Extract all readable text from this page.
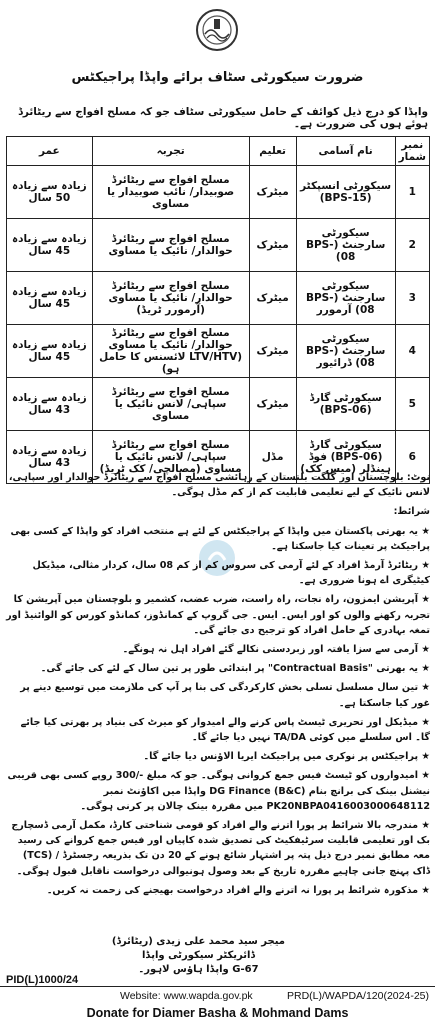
ضرورت سیکورٹی سٹاف برائے واپڈا پراجیکٹس
واپڈا کو درج ذیل کوائف کے حامل سیکورٹی سٹاف جو کہ مسلح افواج سے ریٹائرڈ ہوئے ہوں کی ضرورت ہے۔
نمبر شمار	نام آسامی	تعلیم	تجربہ	عمر
1	سیکورٹی انسپکٹر (BPS-15)	میٹرک	مسلح افواج سے ریٹائرڈ صوبیدار/ نائب صوبیدار یا مساوی	زیادہ سے زیادہ 50 سال
2	سیکورٹی سارجنٹ (BPS-08)	میٹرک	مسلح افواج سے ریٹائرڈ حوالدار/ نائیک یا مساوی	زیادہ سے زیادہ 45 سال
3	سیکورٹی سارجنٹ (BPS-08) آرمورر	میٹرک	مسلح افواج سے ریٹائرڈ حوالدار/ نائیک یا مساوی (آرمورر ٹریڈ)	زیادہ سے زیادہ 45 سال
4	سیکورٹی سارجنٹ (BPS-08) ڈرائیور	میٹرک	مسلح افواج سے ریٹائرڈ حوالدار/ نائیک یا مساوی (LTV/HTV لائسنس کا حامل ہو)	زیادہ سے زیادہ 45 سال
5	سیکورٹی گارڈ (BPS-06)	میٹرک	مسلح افواج سے ریٹائرڈ سپاہی/ لانس نائیک یا مساوی	زیادہ سے زیادہ 43 سال
6	سیکورٹی گارڈ (BPS-06) فوڈ ہینڈلر (میس کک)	مڈل	مسلح افواج سے ریٹائرڈ سپاہی/ لانس نائیک یا مساوی (مصالچی/ کک ٹریڈ)	زیادہ سے زیادہ 43 سال

نوٹ: بلوچستان اور گلگت بلتستان کے رہائشی مسلح افواج سے ریٹائرڈ حوالدار اور سپاہی، لانس نائیک کے لیے تعلیمی قابلیت کم از کم مڈل ہوگی۔

شرائط:

★ یہ بھرتی پاکستان میں واپڈا کے پراجیکٹس کے لئے ہے منتخب افراد کو واپڈا کے کسی بھی پراجیکٹ پر تعینات کیا جاسکتا ہے۔

★ ریٹائرڈ آرمڈ افراد کے لئے آرمی کی سروس کم از کم 08 سال، کردار مثالی، میڈیکل کیٹیگری اے ہونا ضروری ہے۔

★ آپریشن ایمزون، راہ نجات، راہ راست، ضرب عضب، کشمیر و بلوچستان میں آپریشن کا تجربہ رکھنے والوں کو اور ایس۔ ایس۔ جی گروپ کے کمانڈوز، کمانڈو کورس کو الوائنیڈ اور تمغہ بہادری کے حامل افراد کو ترجیح دی جائے گی۔

★ آرمی سے سزا یافتہ اور زبردستی نکالے گئے افراد اہل نہ ہونگے۔

★ یہ بھرتی "Contractual Basis" پر ابتدائی طور پر تین سال کے لئے کی جائے گی۔

★ تین سال مسلسل تسلی بخش کارکردگی کی بنا پر آپ کی ملازمت میں توسیع دینے پر غور کیا جاسکتا ہے۔

★ میڈیکل اور تحریری ٹیسٹ پاس کرنے والے امیدوار کو میرٹ کی بنیاد پر بھرتی کیا جائے گا۔ اس سلسلے میں کوئی TA/DA نہیں دیا جائے گا۔

★ پراجیکٹس پر نوکری میں پراجیکٹ ایریا الاؤنس دیا جائے گا۔

★ امیدواروں کو ٹیسٹ فیس جمع کروانی ہوگی۔ جو کہ مبلغ -/300 روپے کسی بھی قریبی نیشنل بینک کی برانچ بنام DG Finance (B&C) واپڈا میں اکاؤنٹ نمبر PK20NBPA0416003000648112 میں مقررہ بینک چالان پر کرنی ہوگی۔

★ مندرجہ بالا شرائط پر پورا اترنے والے افراد کو قومی شناختی کارڈ، مکمل آرمی ڈسچارج بک اور تعلیمی قابلیت سرٹیفکیٹ کی تصدیق شدہ کاپیاں اور فیس جمع کروانے کی رسید معہ مطابق نمبر درج ذیل پتہ پر اشتہار شائع ہونے کے 20 دن تک بذریعہ رجسٹرڈ / (TCS) ڈاک پہنچ جانی چاہیے مقررہ تاریخ کے بعد وصول ہونیوالی درخواست ناقابل قبول ہوگی۔

★ مذکورہ شرائط پر پورا نہ اترنے والے افراد درخواست بھیجنے کی زحمت نہ کریں۔

میجر سید محمد علی زیدی (ریٹائرڈ)
ڈائریکٹر سیکورٹی واپڈا
G-67 واپڈا ہاؤس لاہور۔
PID(L)1000/24
Website: www.wapda.gov.pk	PRD(L)/WAPDA/120(2024-25)
Donate for Diamer Basha & Mohmand Dams
